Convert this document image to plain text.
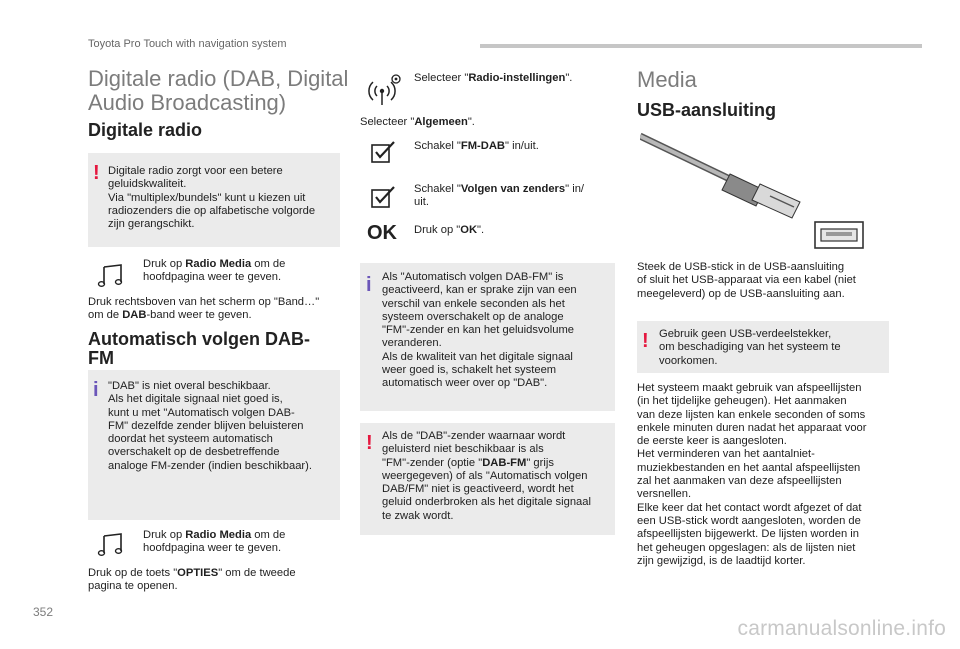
Toyota Pro Touch with navigation system
Digitale radio (DAB, Digital
Audio Broadcasting)
Digitale radio
! Digitale radio zorgt voor een betere
geluidskwaliteit.
Via "multiplex/bundels" kunt u kiezen uit
radiozenders die op alfabetische volgorde
zijn gerangschikt.
Druk op Radio Media om de
hoofdpagina weer te geven.
Druk rechtsboven van het scherm op "Band…"
om de DAB-band weer te geven.
Automatisch volgen DAB-
FM
i "DAB" is niet overal beschikbaar.
Als het digitale signaal niet goed is,
kunt u met "Automatisch volgen DAB-
FM" dezelfde zender blijven beluisteren
doordat het systeem automatisch
overschakelt op de desbetreffende
analoge FM-zender (indien beschikbaar).
Druk op Radio Media om de
hoofdpagina weer te geven.
Druk op de toets "OPTIES" om de tweede
pagina te openen.
Selecteer "Radio-instellingen".
Selecteer "Algemeen".
Schakel "FM-DAB" in/uit.
Schakel "Volgen van zenders" in/
uit.
OK Druk op "OK".
i Als "Automatisch volgen DAB-FM" is
geactiveerd, kan er sprake zijn van een
verschil van enkele seconden als het
systeem overschakelt op de analoge
"FM"-zender en kan het geluidsvolume
veranderen.
Als de kwaliteit van het digitale signaal
weer goed is, schakelt het systeem
automatisch weer over op "DAB".
! Als de "DAB"-zender waarnaar wordt
geluisterd niet beschikbaar is als
"FM"-zender (optie "DAB-FM" grijs
weergegeven) of als "Automatisch volgen
DAB/FM" niet is geactiveerd, wordt het
geluid onderbroken als het digitale signaal
te zwak wordt.
Media
USB-aansluiting
Steek de USB-stick in de USB-aansluiting
of sluit het USB-apparaat via een kabel (niet
meegeleverd) op de USB-aansluiting aan.
! Gebruik geen USB-verdeelstekker,
om beschadiging van het systeem te
voorkomen.
Het systeem maakt gebruik van afspeellijsten
(in het tijdelijke geheugen). Het aanmaken
van deze lijsten kan enkele seconden of soms
enkele minuten duren nadat het apparaat voor
de eerste keer is aangesloten.
Het verminderen van het aantalniet-
muziekbestanden en het aantal afspeellijsten
zal het aanmaken van deze afspeellijsten
versnellen.
Elke keer dat het contact wordt afgezet of dat
een USB-stick wordt aangesloten, worden de
afspeellijsten bijgewerkt. De lijsten worden in
het geheugen opgeslagen: als de lijsten niet
zijn gewijzigd, is de laadtijd korter.
352
carmanualsonline.info
